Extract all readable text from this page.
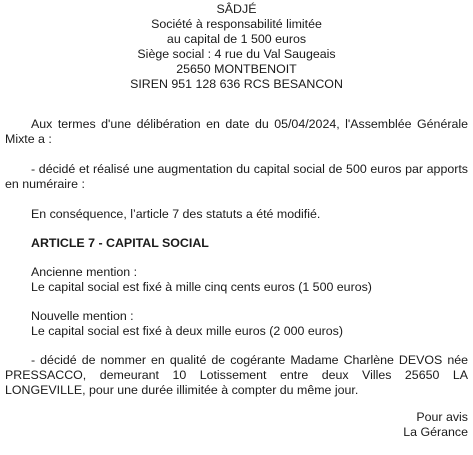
SÂDJÉ
Société à responsabilité limitée
au capital de 1 500 euros
Siège social : 4 rue du Val Saugeais
25650 MONTBENOIT
SIREN 951 128 636 RCS BESANCON
Aux termes d'une délibération en date du 05/04/2024, l'Assemblée Générale Mixte a :
- décidé et réalisé une augmentation du capital social de 500 euros par apports en numéraire :
En conséquence, l’article 7 des statuts a été modifié.
ARTICLE 7 - CAPITAL SOCIAL
Ancienne mention :
Le capital social est fixé à mille cinq cents euros (1 500 euros)
Nouvelle mention :
Le capital social est fixé à deux mille euros (2 000 euros)
- décidé de nommer en qualité de cogérante Madame Charlène DEVOS née PRESSACCO, demeurant 10 Lotissement entre deux Villes 25650 LA LONGEVILLE, pour une durée illimitée à compter du même jour.
Pour avis
La Gérance
